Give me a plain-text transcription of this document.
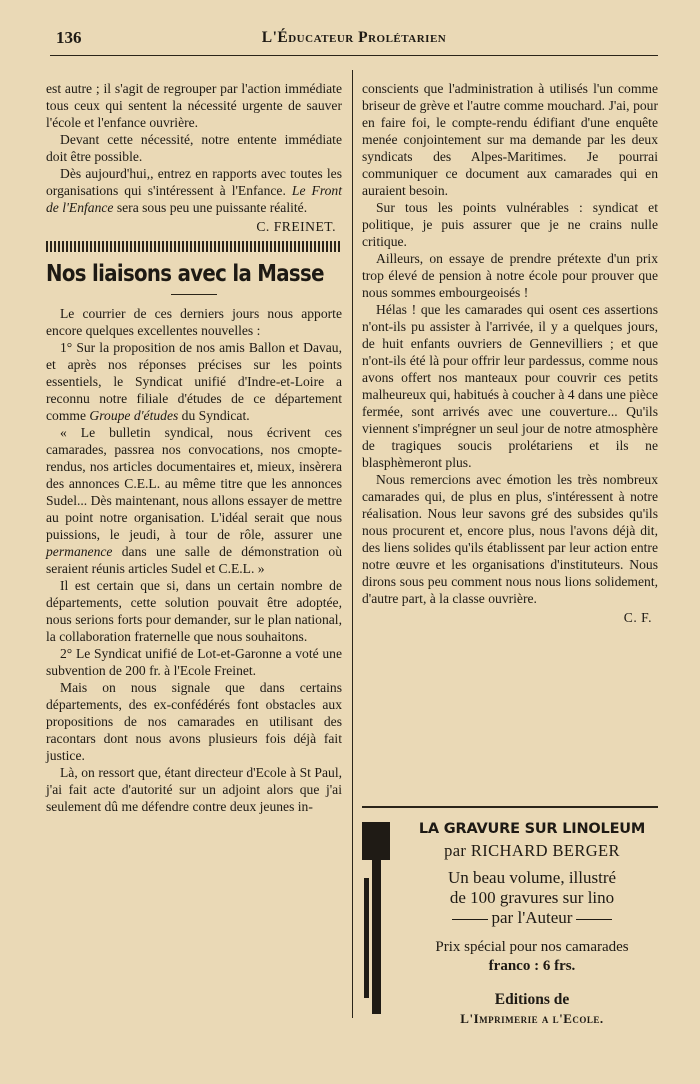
136	L'Éducateur Prolétarien

est autre ; il s'agit de regrouper par l'action immédiate tous ceux qui sentent la nécessité urgente de sauver l'école et l'enfance ouvrière.

Devant cette nécessité, notre entente immédiate doit être possible.

Dès aujourd'hui,, entrez en rapports avec toutes les organisations qui s'intéressent à l'Enfance. Le Front de l'Enfance sera sous peu une puissante réalité.

C. FREINET.
Nos liaisons avec la Masse

Le courrier de ces derniers jours nous apporte encore quelques excellentes nouvelles :

1° Sur la proposition de nos amis Ballon et Davau, et après nos réponses précises sur les points essentiels, le Syndicat unifié d'Indre-et-Loire a reconnu notre filiale d'études de ce département comme Groupe d'études du Syndicat.

« Le bulletin syndical, nous écrivent ces camarades, passrea nos convocations, nos cmopte-rendus, nos articles documentaires et, mieux, insèrera des annonces C.E.L. au même titre que les annonces Sudel... Dès maintenant, nous allons essayer de mettre au point notre organisation. L'idéal serait que nous puissions, le jeudi, à tour de rôle, assurer une permanence dans une salle de démonstration où seraient réunis articles Sudel et C.E.L. »

Il est certain que si, dans un certain nombre de départements, cette solution pouvait être adoptée, nous serions forts pour demander, sur le plan national, la collaboration fraternelle que nous souhaitons.

2° Le Syndicat unifié de Lot-et-Garonne a voté une subvention de 200 fr. à l'Ecole Freinet.

Mais on nous signale que dans certains départements, des ex-confédérés font obstacles aux propositions de nos camarades en utilisant des racontars dont nous avons plusieurs fois déjà fait justice.

Là, on ressort que, étant directeur d'Ecole à St Paul, j'ai fait acte d'autorité sur un adjoint alors que j'ai seulement dû me défendre contre deux jeunes in-

conscients que l'administration à utilisés l'un comme briseur de grève et l'autre comme mouchard. J'ai, pour en faire foi, le compte-rendu édifiant d'une enquête menée conjointement sur ma demande par les deux syndicats des Alpes-Maritimes. Je pourrai communiquer ce document aux camarades qui en auraient besoin.

Sur tous les points vulnérables : syndicat et politique, je puis assurer que je ne crains nulle critique.

Ailleurs, on essaye de prendre prétexte d'un prix trop élevé de pension à notre école pour prouver que nous sommes embourgeoisés !

Hélas ! que les camarades qui osent ces assertions n'ont-ils pu assister à l'arrivée, il y a quelques jours, de huit enfants ouvriers de Gennevilliers ; et que n'ont-ils été là pour offrir leur pardessus, comme nous avons offert nos manteaux pour couvrir ces petits malheureux qui, habitués à coucher à 4 dans une pièce fermée, sont arrivés avec une couverture... Qu'ils viennent s'imprégner un seul jour de notre atmosphère de tragiques soucis prolétariens et ils ne blasphèmeront plus.

Nous remercions avec émotion les très nombreux camarades qui, de plus en plus, s'intéressent à notre réalisation. Nous leur savons gré des subsides qu'ils nous procurent et, encore plus, nous l'avons déjà dit, des liens solides qu'ils établissent par leur action entre notre œuvre et les organisations d'instituteurs. Nous dirons sous peu comment nous nous lions solidement, d'autre part, à la classe ouvrière.

C. F.
LA GRAVURE SUR LINOLEUM
par RICHARD BERGER
Un beau volume, illustré
de 100 gravures sur lino
par l'Auteur
Prix spécial pour nos camarades
franco : 6 frs.
Editions de
L'Imprimerie a l'Ecole.
